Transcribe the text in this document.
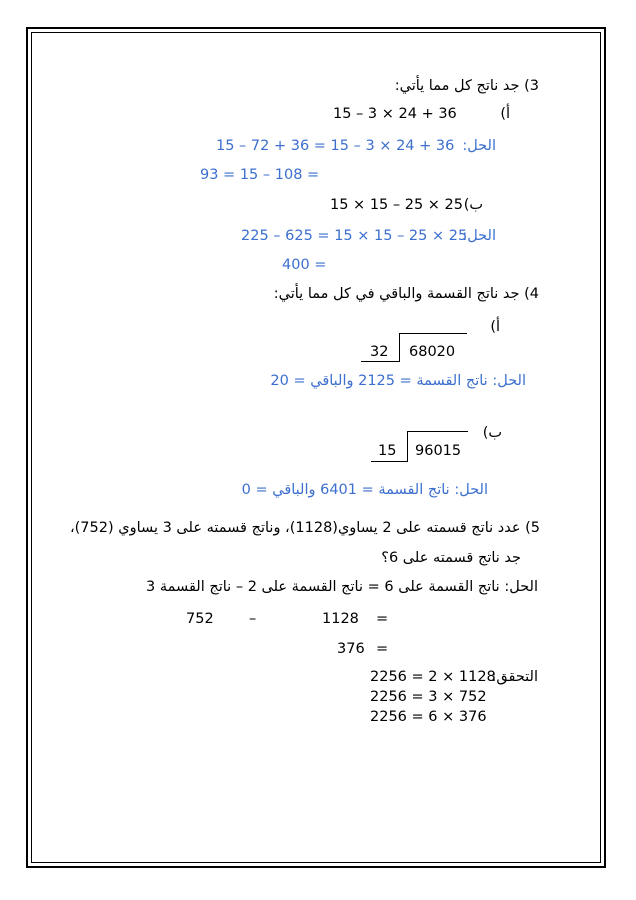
3) جد ناتج كل مما يأتي:
أ)
15 – 3 × 24 + 36
الحل:
15 – 72 + 36 = 15 – 3 × 24 + 36
93 = 15 – 108 =
ب)
15 × 15 – 25 × 25
الحل:
225 – 625 = 15 × 15 – 25 × 25
400 =
4) جد ناتج القسمة والباقي في كل مما يأتي:
أ)
32 68020
الحل: ناتج القسمة = 2125 والباقي = 20
ب)
15 96015
الحل: ناتج القسمة = 6401 والباقي = 0
5) عدد ناتج قسمته على 2 يساوي(1128)، وناتج قسمته على 3 يساوي (752)،
جد ناتج قسمته على 6؟
الحل: ناتج القسمة على 6 = ناتج القسمة على 2 – ناتج القسمة 3
=
1128
–
752
=
376
التحقق:
2256 = 2 × 1128
2256 = 3 × 752
2256 = 6 × 376
